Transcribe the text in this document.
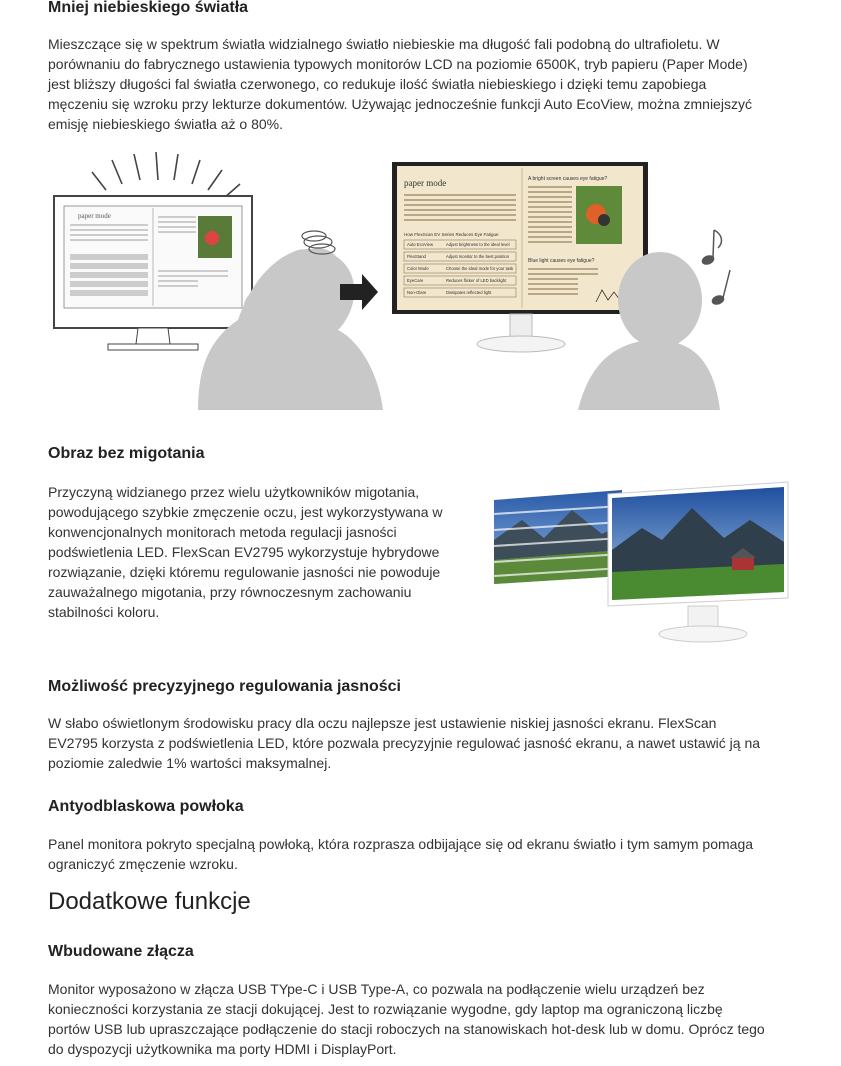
Mniej niebieskiego światła
Mieszczące się w spektrum światła widzialnego światło niebieskie ma długość fali podobną do ultrafioletu. W
porównaniu do fabrycznego ustawienia typowych monitorów LCD na poziomie 6500K, tryb papieru (Paper Mode)
jest bliższy długości fal światła czerwonego, co redukuje ilość światła niebieskiego i dzięki temu zapobiega
męczeniu się wzroku przy lekturze dokumentów. Używając jednocześnie funkcji Auto EcoView, można zmniejszyć
emisję niebieskiego światła aż o 80%.
paper mode
paper mode
How FlexScan EV Series Reduces Eye Fatigue
Auto EcoView	Adjust brightness to the ideal level
FlexStand	Adjust monitor to the best position
Color Mode	Choose the ideal mode for your task
EyeCare	Reduces flicker of LED backlight
Non-Glare	Dissipates reflected light
A bright screen causes eye fatigue?
Blue light causes eye fatigue?
Obraz bez migotania
Przyczyną widzianego przez wielu użytkowników migotania,
powodującego szybkie zmęczenie oczu, jest wykorzystywana w
konwencjonalnych monitorach metoda regulacji jasności
podświetlenia LED. FlexScan EV2795 wykorzystuje hybrydowe
rozwiązanie, dzięki któremu regulowanie jasności nie powoduje
zauważalnego migotania, przy równoczesnym zachowaniu
stabilności koloru.
Możliwość precyzyjnego regulowania jasności
W słabo oświetlonym środowisku pracy dla oczu najlepsze jest ustawienie niskiej jasności ekranu. FlexScan
EV2795 korzysta z podświetlenia LED, które pozwala precyzyjnie regulować jasność ekranu, a nawet ustawić ją na
poziomie zaledwie 1% wartości maksymalnej.
Antyodblaskowa powłoka
Panel monitora pokryto specjalną powłoką, która rozprasza odbijające się od ekranu światło i tym samym pomaga
ograniczyć zmęczenie wzroku.
Dodatkowe funkcje
Wbudowane złącza
Monitor wyposażono w złącza USB TYpe-C i USB Type-A, co pozwala na podłączenie wielu urządzeń bez
konieczności korzystania ze stacji dokującej. Jest to rozwiązanie wygodne, gdy laptop ma ograniczoną liczbę
portów USB lub upraszczające podłączenie do stacji roboczych na stanowiskach hot-desk lub w domu. Oprócz tego
do dyspozycji użytkownika ma porty HDMI i DisplayPort.
